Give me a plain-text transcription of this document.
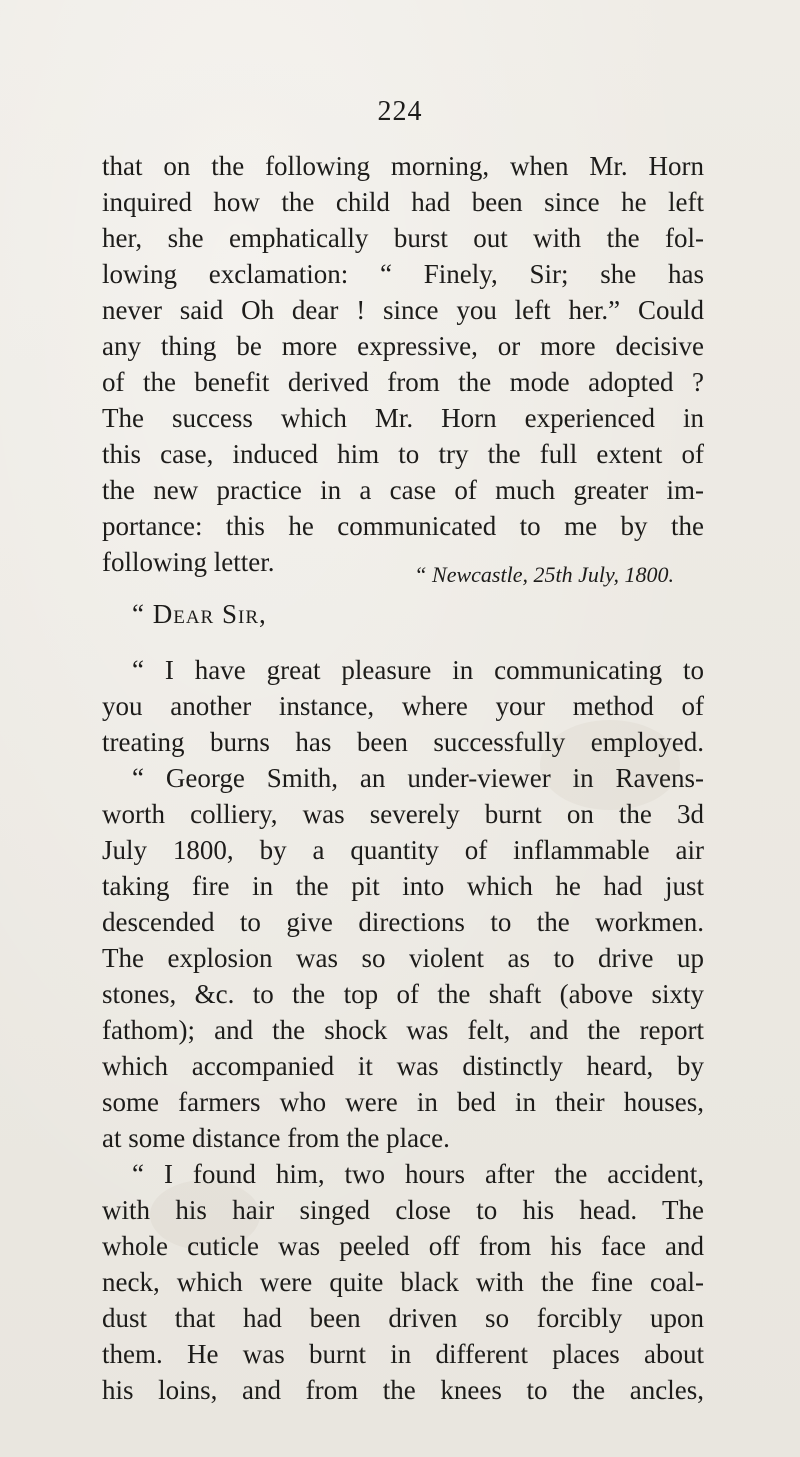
224
that on the following morning, when Mr. Horn
inquired how the child had been since he left
her, she emphatically burst out with the fol-
lowing exclamation: “ Finely, Sir; she has
never said Oh dear ! since you left her.” Could
any thing be more expressive, or more decisive
of the benefit derived from the mode adopted ?
The success which Mr. Horn experienced in
this case, induced him to try the full extent of
the new practice in a case of much greater im-
portance: this he communicated to me by the
following letter.	“ Newcastle, 25th July, 1800.
“ Dear Sir,
“ I have great pleasure in communicating to
you another instance, where your method of
treating burns has been successfully employed.
“ George Smith, an under-viewer in Ravens-
worth colliery, was severely burnt on the 3d
July 1800, by a quantity of inflammable air
taking fire in the pit into which he had just
descended to give directions to the workmen.
The explosion was so violent as to drive up
stones, &c. to the top of the shaft (above sixty
fathom); and the shock was felt, and the report
which accompanied it was distinctly heard, by
some farmers who were in bed in their houses,
at some distance from the place.
“ I found him, two hours after the accident,
with his hair singed close to his head. The
whole cuticle was peeled off from his face and
neck, which were quite black with the fine coal-
dust that had been driven so forcibly upon
them. He was burnt in different places about
his loins, and from the knees to the ancles,
